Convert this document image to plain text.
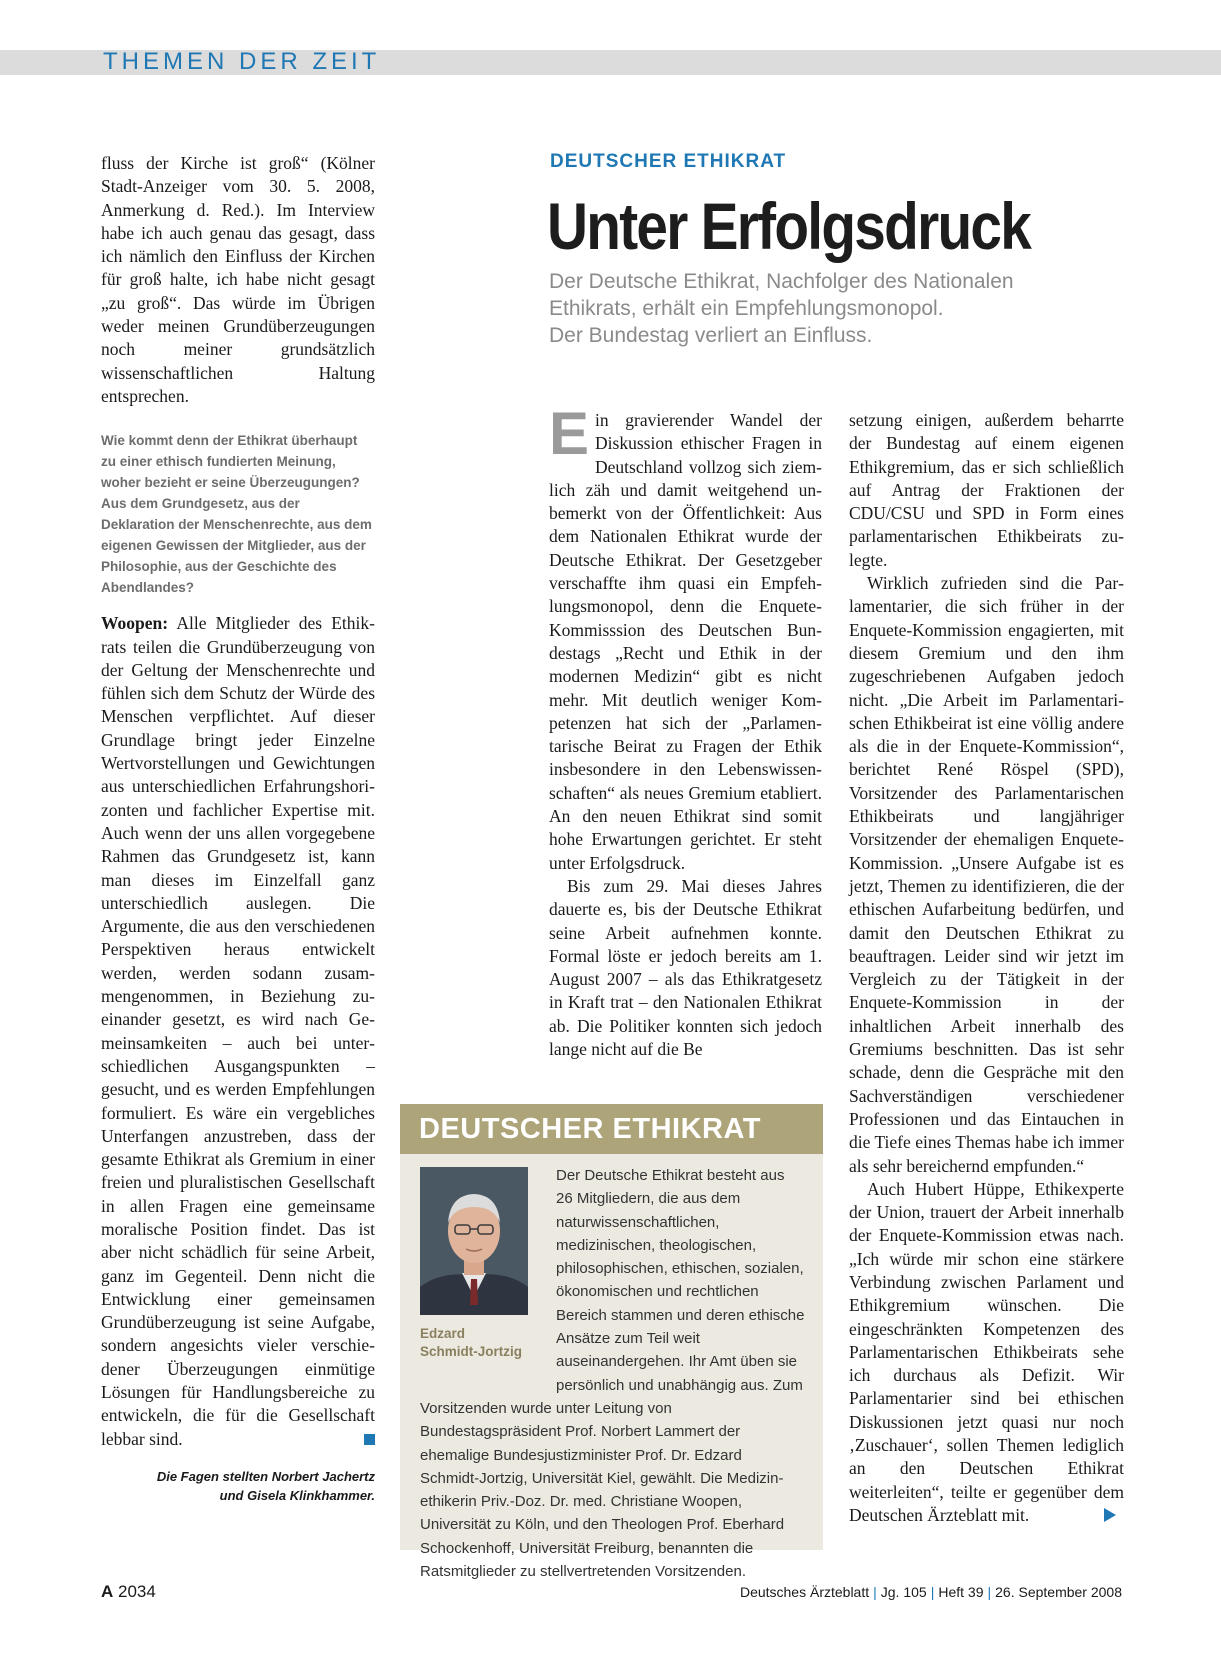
THEMEN DER ZEIT

fluss der Kirche ist groß“ (Kölner Stadt-Anzeiger vom 30. 5. 2008, Anmerkung d. Red.). Im Interview habe ich auch genau das gesagt, dass ich nämlich den Einfluss der Kirchen für groß halte, ich habe nicht gesagt „zu groß“. Das würde im Übrigen weder meinen Grundüberzeugungen noch meiner grundsätzlich wissenschaftlichen Haltung entsprechen.

Wie kommt denn der Ethikrat überhaupt zu einer ethisch fundierten Meinung, woher bezieht er seine Überzeugungen? Aus dem Grundgesetz, aus der Deklaration der Menschenrechte, aus dem eigenen Gewissen der Mitglieder, aus der Philosophie, aus der Geschichte des Abendlandes?

Woopen: Alle Mitglieder des Ethikrats teilen die Grundüberzeugung von der Geltung der Menschenrechte und fühlen sich dem Schutz der Würde des Menschen verpflichtet. Auf dieser Grundlage bringt jeder Einzelne Wertvorstellungen und Gewichtungen aus unterschiedlichen Erfahrungshorizonten und fachlicher Expertise mit. Auch wenn der uns allen vorgegebene Rahmen das Grundgesetz ist, kann man dieses im Einzelfall ganz unterschiedlich auslegen. Die Argumente, die aus den verschiedenen Perspektiven heraus entwickelt werden, werden sodann zusammengenommen, in Beziehung zueinander gesetzt, es wird nach Gemeinsamkeiten – auch bei unterschiedlichen Ausgangspunkten – gesucht, und es werden Empfehlungen formuliert. Es wäre ein vergebliches Unterfangen anzustreben, dass der gesamte Ethikrat als Gremium in einer freien und pluralistischen Gesellschaft in allen Fragen eine gemeinsame moralische Position findet. Das ist aber nicht schädlich für seine Arbeit, ganz im Gegenteil. Denn nicht die Entwicklung einer gemeinsamen Grundüberzeugung ist seine Aufgabe, sondern angesichts vieler verschiedener Überzeugungen einmütige Lösungen für Handlungsbereiche zu entwickeln, die für die Gesellschaft lebbar sind.

Die Fagen stellten Norbert Jachertz
und Gisela Klinkhammer.

DEUTSCHER ETHIKRAT
Unter Erfolgsdruck
Der Deutsche Ethikrat, Nachfolger des Nationalen
Ethikrats, erhält ein Empfehlungsmonopol.
Der Bundestag verliert an Einfluss.

Ein gravierender Wandel der Diskussion ethischer Fragen in Deutschland vollzog sich ziemlich zäh und damit weitgehend unbemerkt von der Öffentlichkeit: Aus dem Nationalen Ethikrat wurde der Deutsche Ethikrat. Der Gesetzgeber verschaffte ihm quasi ein Empfehlungsmonopol, denn die Enquete-Kommisssion des Deutschen Bundestags „Recht und Ethik in der modernen Medizin“ gibt es nicht mehr. Mit deutlich weniger Kompetenzen hat sich der „Parlamentarische Beirat zu Fragen der Ethik insbesondere in den Lebenswissenschaften“ als neues Gremium etabliert. An den neuen Ethikrat sind somit hohe Erwartungen gerichtet. Er steht unter Erfolgsdruck.

Bis zum 29. Mai dieses Jahres dauerte es, bis der Deutsche Ethikrat seine Arbeit aufnehmen konnte. Formal löste er jedoch bereits am 1. August 2007 – als das Ethikratgesetz in Kraft trat – den Nationalen Ethikrat ab. Die Politiker konnten sich jedoch lange nicht auf die Be

setzung einigen, außerdem beharrte der Bundestag auf einem eigenen Ethikgremium, das er sich schließlich auf Antrag der Fraktionen der CDU/CSU und SPD in Form eines parlamentarischen Ethikbeirats zulegte.

Wirklich zufrieden sind die Parlamentarier, die sich früher in der Enquete-Kommission engagierten, mit diesem Gremium und den ihm zugeschriebenen Aufgaben jedoch nicht. „Die Arbeit im Parlamentarischen Ethikbeirat ist eine völlig andere als die in der Enquete-Kommission“, berichtet René Röspel (SPD), Vorsitzender des Parlamentarischen Ethikbeirats und langjähriger Vorsitzender der ehemaligen Enquete-Kommission. „Unsere Aufgabe ist es jetzt, Themen zu identifizieren, die der ethischen Aufarbeitung bedürfen, und damit den Deutschen Ethikrat zu beauftragen. Leider sind wir jetzt im Vergleich zu der Tätigkeit in der Enquete-Kommission in der inhaltlichen Arbeit innerhalb des Gremiums beschnitten. Das ist sehr schade, denn die Gespräche mit den Sachverständigen verschiedener Professionen und das Eintauchen in die Tiefe eines Themas habe ich immer als sehr bereichernd empfunden.“

Auch Hubert Hüppe, Ethikexperte der Union, trauert der Arbeit innerhalb der Enquete-Kommission etwas nach. „Ich würde mir schon eine stärkere Verbindung zwischen Parlament und Ethikgremium wünschen. Die eingeschränkten Kompetenzen des Parlamentarischen Ethikbeirats sehe ich durchaus als Defizit. Wir Parlamentarier sind bei ethischen Diskussionen jetzt quasi nur noch ‚Zuschauer‘, sollen Themen lediglich an den Deutschen Ethikrat weiterleiten“, teilte er gegenüber dem Deutschen Ärzteblatt mit.

DEUTSCHER ETHIKRAT
Edzard
Schmidt-Jortzig
Der Deutsche Ethikrat besteht aus 26 Mitgliedern, die aus dem naturwissenschaftlichen, medizinischen, theologischen, philosophischen, ethischen, sozialen, ökonomischen und rechtlichen Bereich stammen und deren ethische Ansätze zum Teil weit auseinandergehen. Ihr Amt üben sie persönlich und unabhängig aus. Zum Vorsitzenden wurde unter Leitung von Bundestagspräsident Prof. Norbert Lammert der ehemalige Bundesjustizminister Prof. Dr. Edzard Schmidt-Jortzig, Universität Kiel, gewählt. Die Medizinethikerin Priv.-Doz. Dr. med. Christiane Woopen, Universität zu Köln, und den Theologen Prof. Eberhard Schockenhoff, Universität Freiburg, benannten die Ratsmitglieder zu stellvertretenden Vorsitzenden.
A 2034	Deutsches Ärzteblatt | Jg. 105 | Heft 39 | 26. September 2008
